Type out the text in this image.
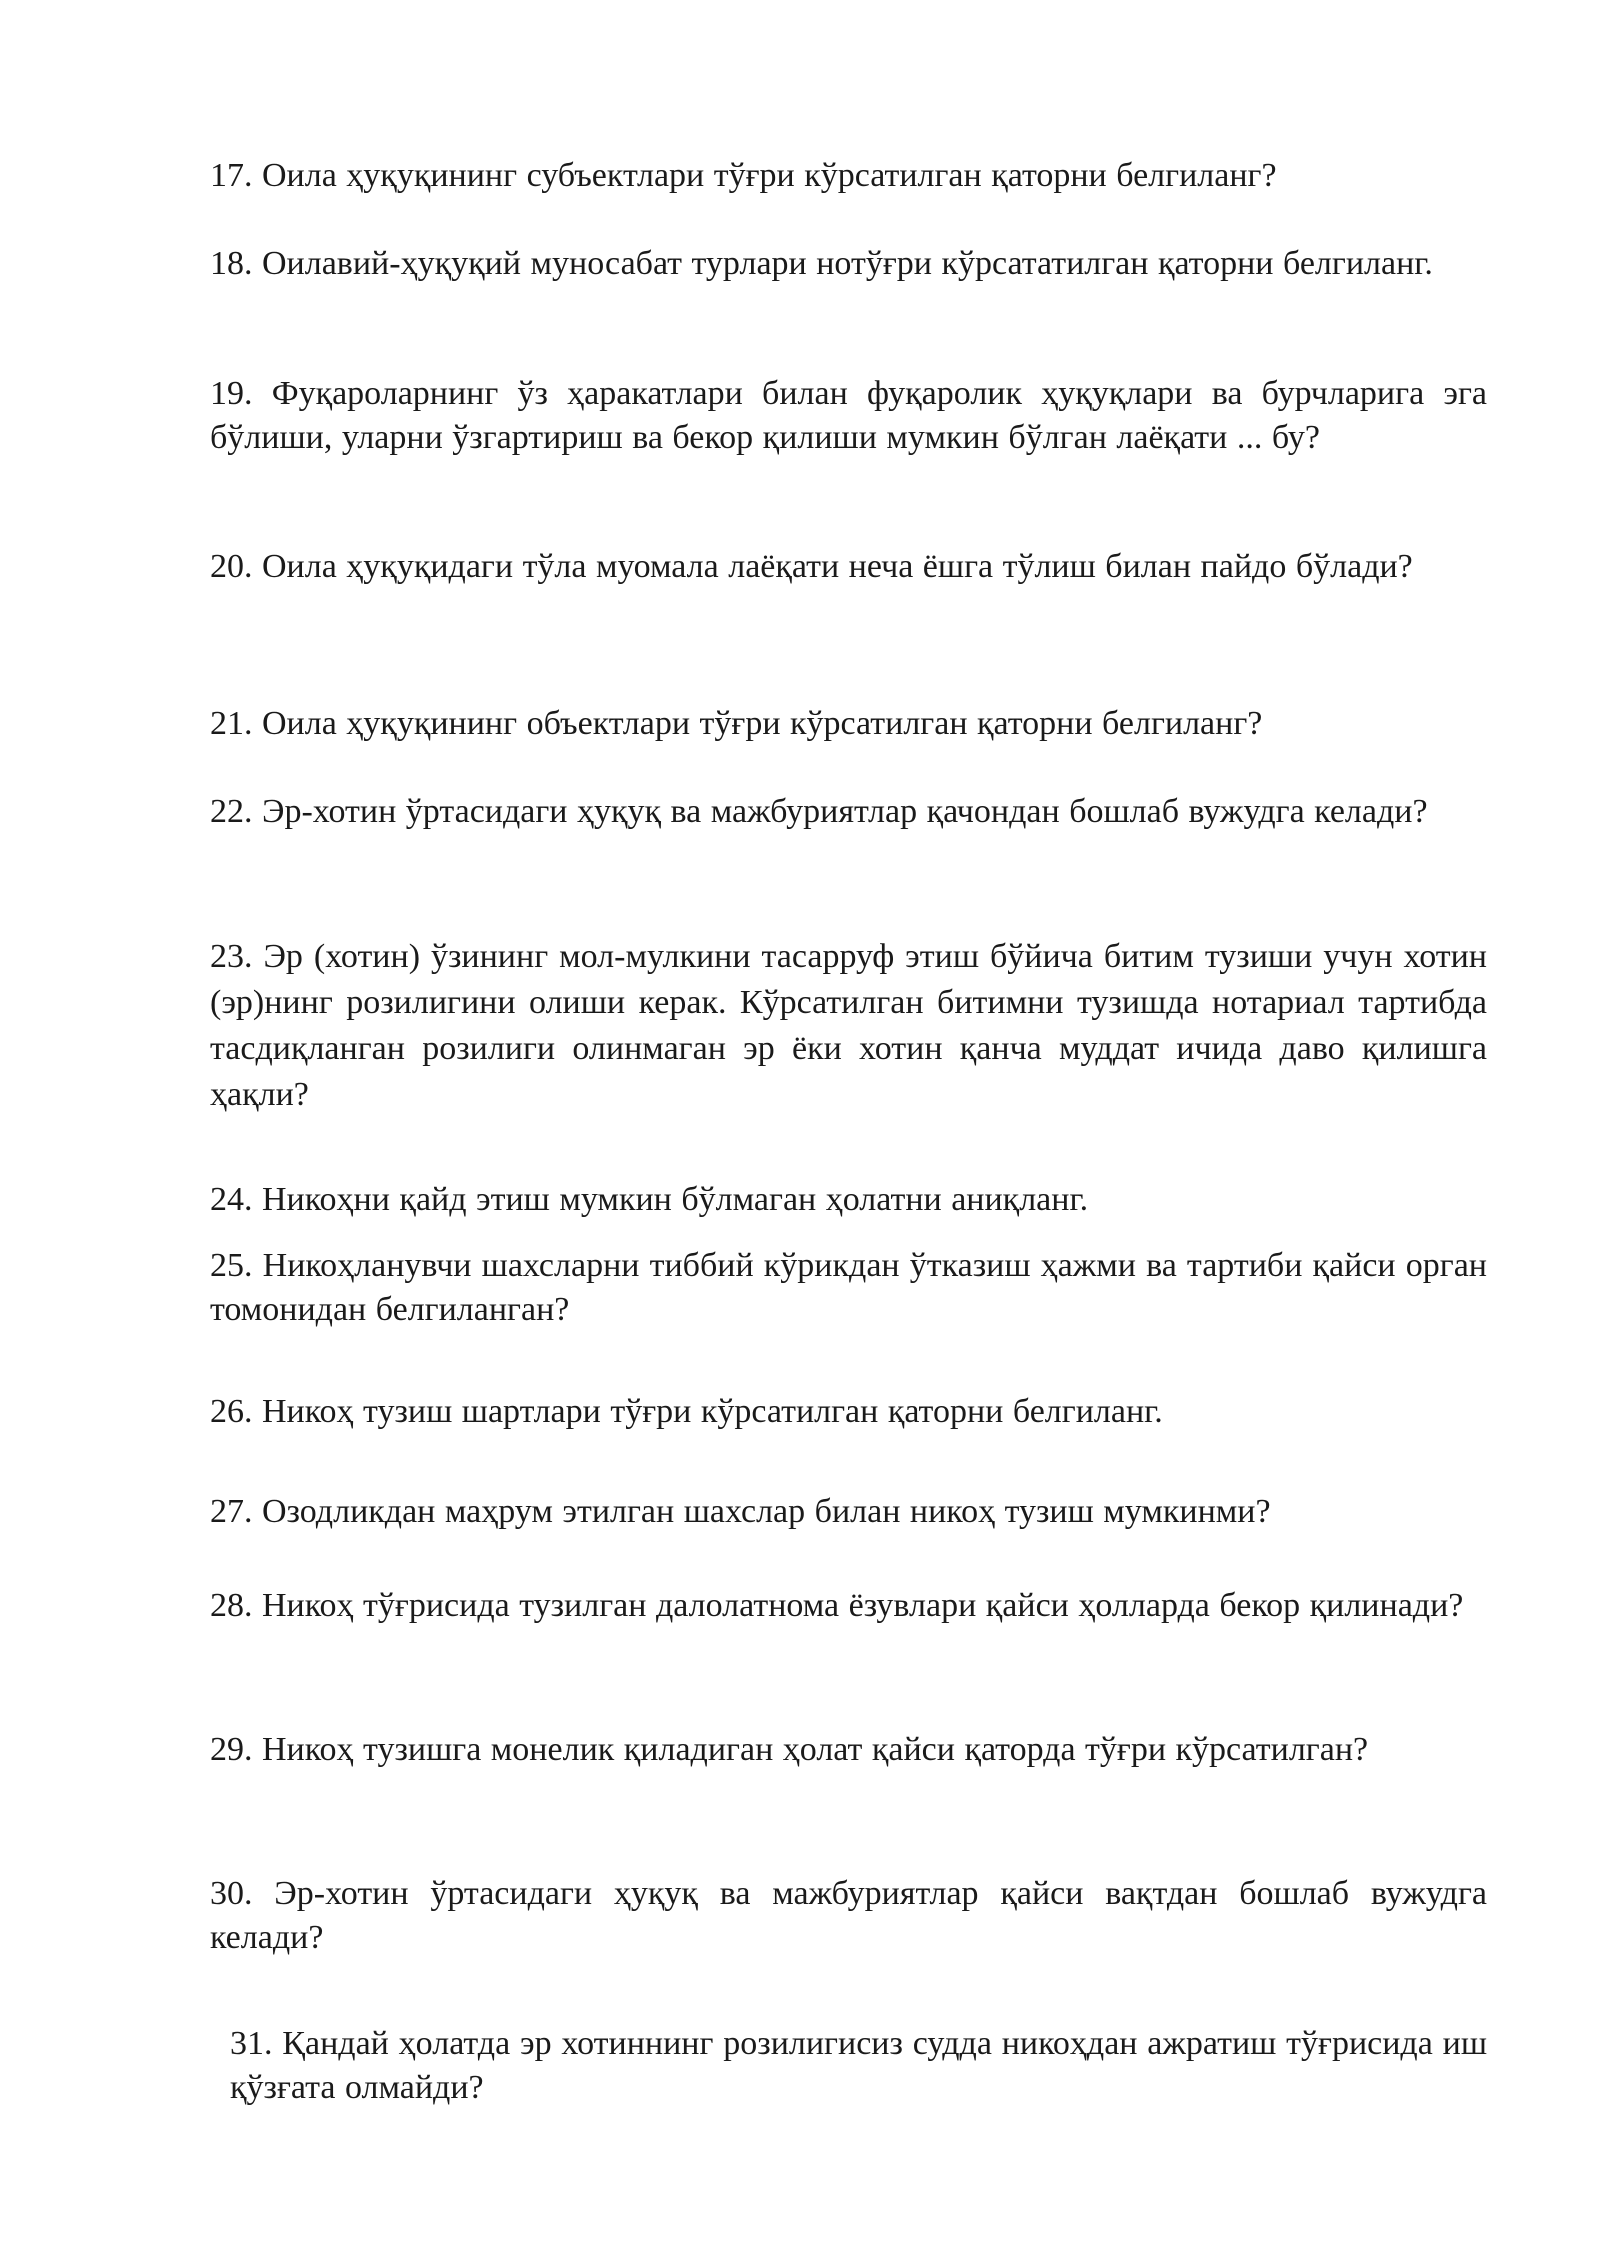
17. Оила ҳуқуқининг субъектлари тўғри кўрсатилган қаторни белгиланг?

18. Оилавий-ҳуқуқий муносабат турлари нотўғри кўрсататилган қаторни белгиланг.

19. Фуқароларнинг ўз ҳаракатлари билан фуқаролик ҳуқуқлари ва бурчларига эга бўлиши, уларни ўзгартириш ва бекор қилиши мумкин бўлган лаёқати ... бу?

20. Оила ҳуқуқидаги тўла муомала лаёқати неча ёшга тўлиш билан пайдо бўлади?

21. Оила ҳуқуқининг объектлари тўғри кўрсатилган қаторни белгиланг?

22. Эр-хотин ўртасидаги ҳуқуқ ва мажбуриятлар қачондан бошлаб вужудга келади?

23. Эр (хотин) ўзининг мол-мулкини тасарруф этиш бўйича битим тузиши учун хотин (эр)нинг розилигини олиши керак. Кўрсатилган битимни тузишда нотариал тартибда тасдиқланган розилиги олинмаган эр ёки хотин қанча муддат ичида даво қилишга ҳақли?

24. Никоҳни қайд этиш мумкин бўлмаган ҳолатни аниқланг.

25. Никоҳланувчи шахсларни тиббий кўрикдан ўтказиш ҳажми ва тартиби қайси орган томонидан белгиланган?

26. Никоҳ тузиш шартлари тўғри кўрсатилган қаторни белгиланг.

27. Озодликдан маҳрум этилган шахслар билан никоҳ тузиш мумкинми?

28. Никоҳ тўғрисида тузилган далолатнома ёзувлари қайси ҳолларда бекор қилинади?

29. Никоҳ тузишга монелик қиладиган ҳолат қайси қаторда тўғри кўрсатилган?

30. Эр-хотин ўртасидаги ҳуқуқ ва мажбуриятлар қайси вақтдан бошлаб вужудга келади?

31. Қандай ҳолатда эр хотиннинг розилигисиз судда никоҳдан ажратиш тўғрисида иш қўзғата олмайди?
